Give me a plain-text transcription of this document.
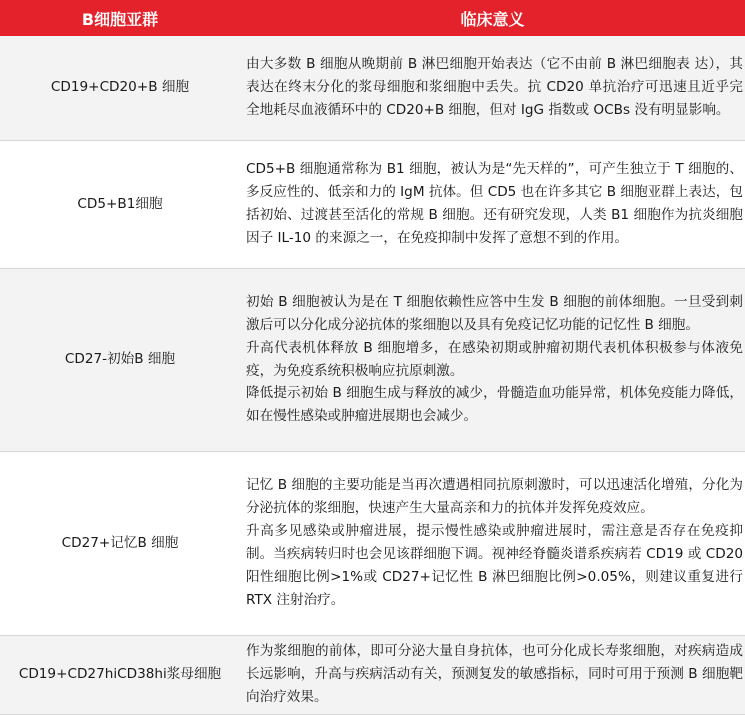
B细胞亚群	临床意义
CD19+CD20+B 细胞	由大多数 B 细胞从晚期前 B 淋巴细胞开始表达（它不由前 B 淋巴细胞表 达），其表达在终末分化的浆母细胞和浆细胞中丢失。抗 CD20 单抗治疗可迅速且近乎完 全地耗尽血液循环中的 CD20+B 细胞，但对 IgG 指数或 OCBs 没有明显影响。

CD5+B1细胞	CD5+B 细胞通常称为 B1 细胞，被认为是“先天样的”，可产生独立于 T 细胞的、多反应性的、低亲和力的 IgM 抗体。但 CD5 也在许多其它 B 细胞亚群上表达，包括初始、过渡甚至活化的常规 B 细胞。还有研究发现，人类 B1 细胞作为抗炎细胞因子 IL-10 的来源之一，在免疫抑制中发挥了意想不到的作用。

CD27-初始B 细胞	初始 B 细胞被认为是在 T 细胞依赖性应答中生发 B 细胞的前体细胞。一旦受到刺激后可以分化成分泌抗体的浆细胞以及具有免疫记忆功能的记忆性 B 细胞。

升高代表机体释放 B 细胞增多，在感染初期或肿瘤初期代表机体积极参与体液免疫，为免疫系统积极响应抗原刺激。

降低提示初始 B 细胞生成与释放的减少，骨髓造血功能异常，机体免疫能力降低，如在慢性感染或肿瘤进展期也会减少。

CD27+记忆B 细胞	记忆 B 细胞的主要功能是当再次遭遇相同抗原刺激时，可以迅速活化增殖，分化为分泌抗体的浆细胞，快速产生大量高亲和力的抗体并发挥免疫效应。

升高多见感染或肿瘤进展，提示慢性感染或肿瘤进展时，需注意是否存在免疫抑制。当疾病转归时也会见该群细胞下调。视神经脊髓炎谱系疾病若 CD19 或 CD20 阳性细胞比例>1%或 CD27+记忆性 B 淋巴细胞比例>0.05%，则建议重复进行 RTX 注射治疗。

CD19+CD27hiCD38hi浆母细胞	作为浆细胞的前体，即可分泌大量自身抗体，也可分化成长寿浆细胞，对疾病造成长远影响，升高与疾病活动有关，预测复发的敏感指标，同时可用于预测 B 细胞靶向治疗效果。
